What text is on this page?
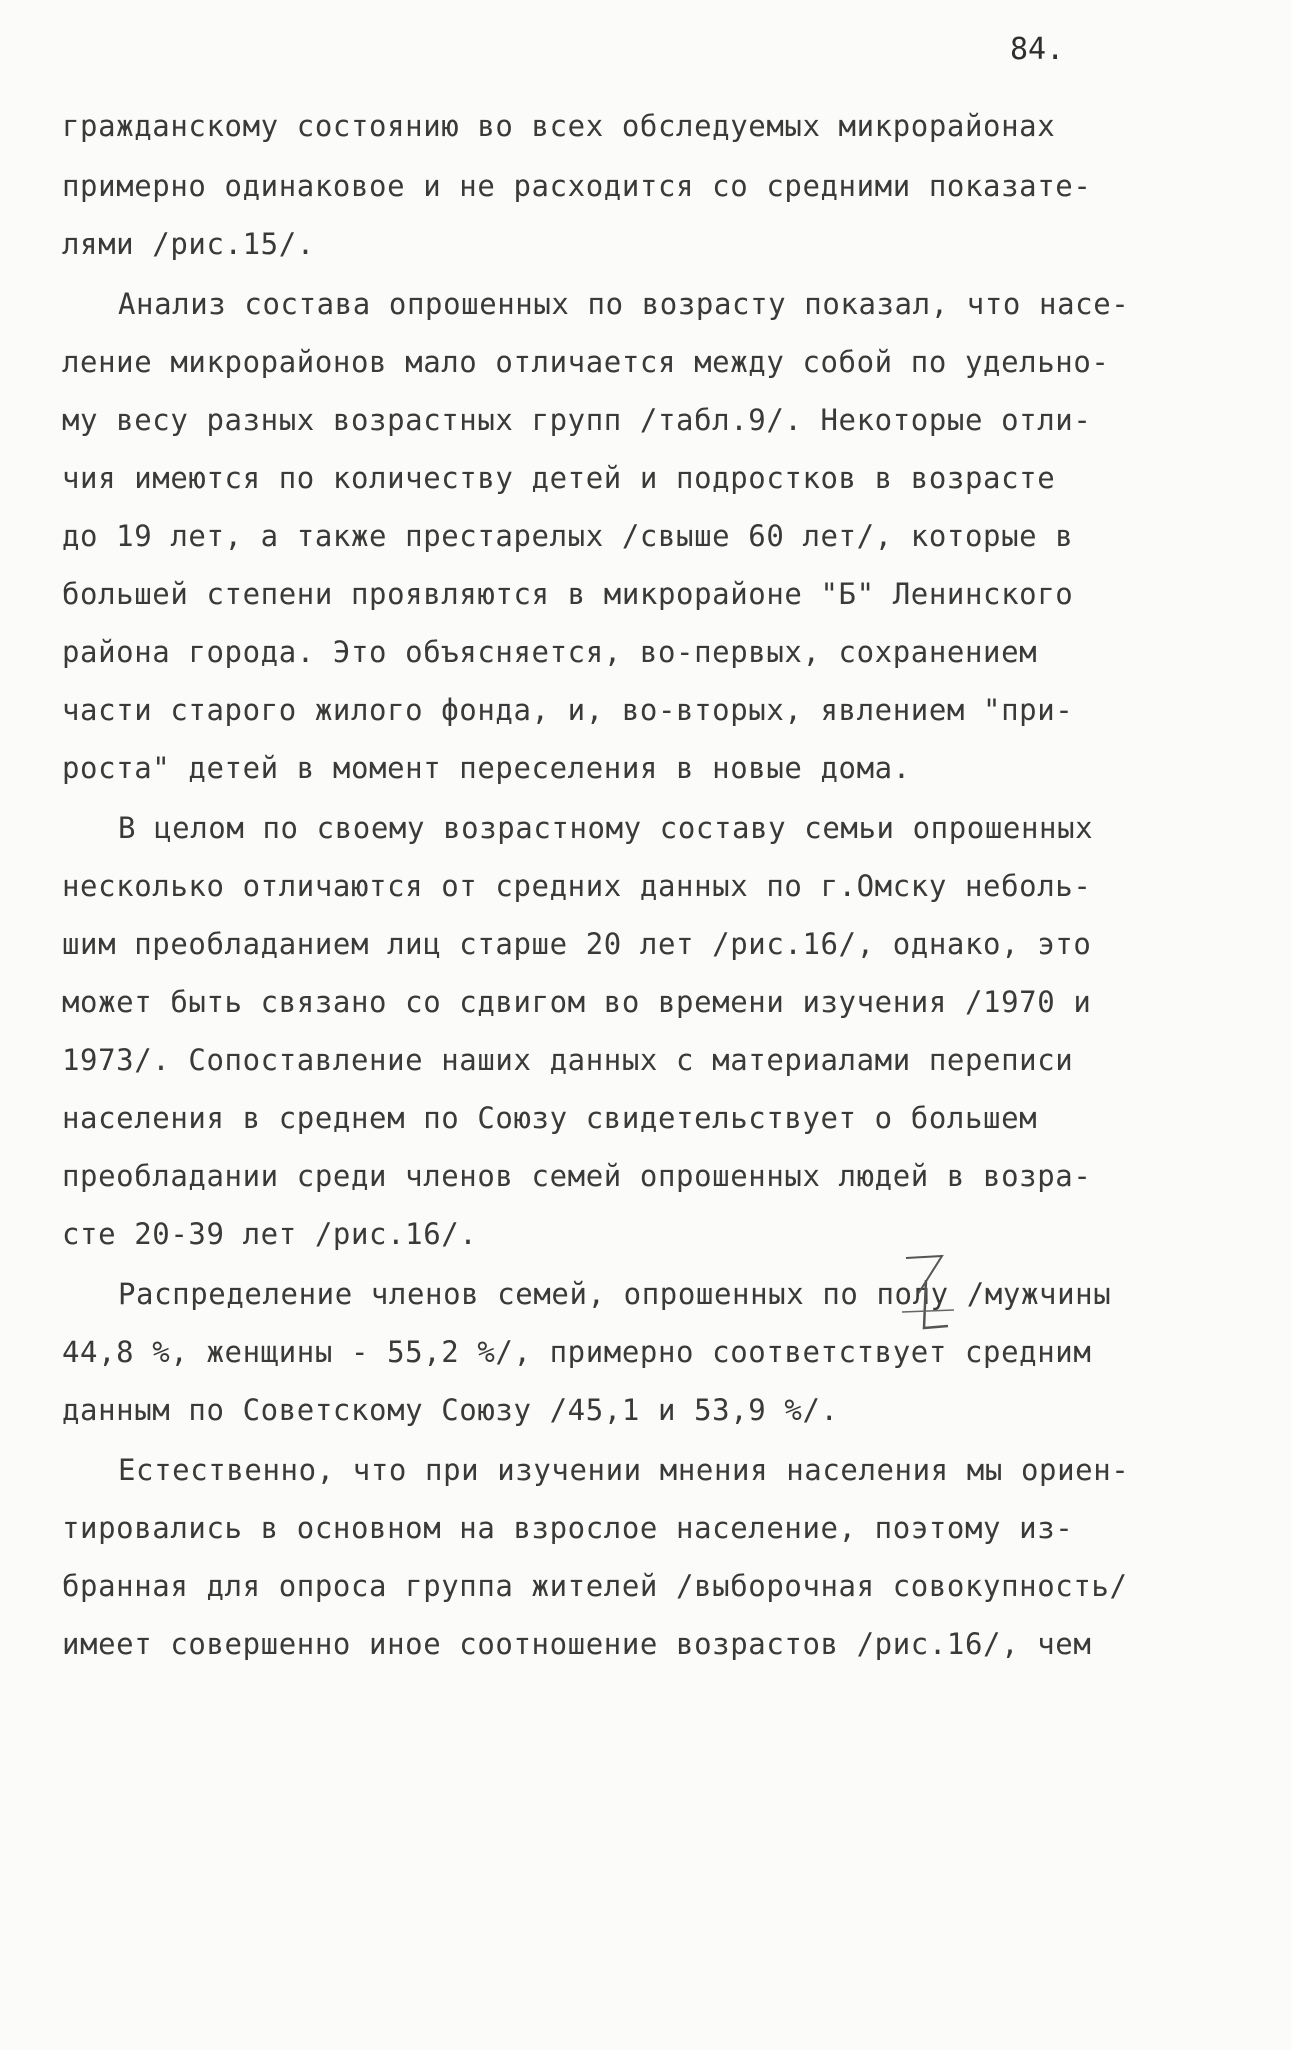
84.
гражданскому состоянию во всех обследуемых микрорайонах
примерно одинаковое и не расходится со средними показате-
лями /рис.15/.
Анализ состава опрошенных по возрасту показал, что насе-
ление микрорайонов мало отличается между собой по удельно-
му весу разных возрастных групп /табл.9/. Некоторые отли-
чия имеются по количеству детей и подростков в возрасте
до 19 лет, а также престарелых /свыше 60 лет/, которые в
большей степени проявляются в микрорайоне "Б" Ленинского
района города. Это объясняется, во-первых, сохранением
части старого жилого фонда, и, во-вторых, явлением "при-
роста" детей в момент переселения в новые дома.
В целом по своему возрастному составу семьи опрошенных
несколько отличаются от средних данных по г.Омску неболь-
шим преобладанием лиц старше 20 лет /рис.16/, однако, это
может быть связано со сдвигом во времени изучения /1970 и
1973/. Сопоставление наших данных с материалами переписи
населения в среднем по Союзу свидетельствует о большем
преобладании среди членов семей опрошенных людей в возра-
сте 20-39 лет /рис.16/.
Распределение членов семей, опрошенных по полу /мужчины
44,8 %, женщины - 55,2 %/, примерно соответствует средним
данным по Советскому Союзу /45,1 и 53,9 %/.
Естественно, что при изучении мнения населения мы ориен-
тировались в основном на взрослое население, поэтому из-
бранная для опроса группа жителей /выборочная совокупность/
имеет совершенно иное соотношение возрастов /рис.16/, чем
